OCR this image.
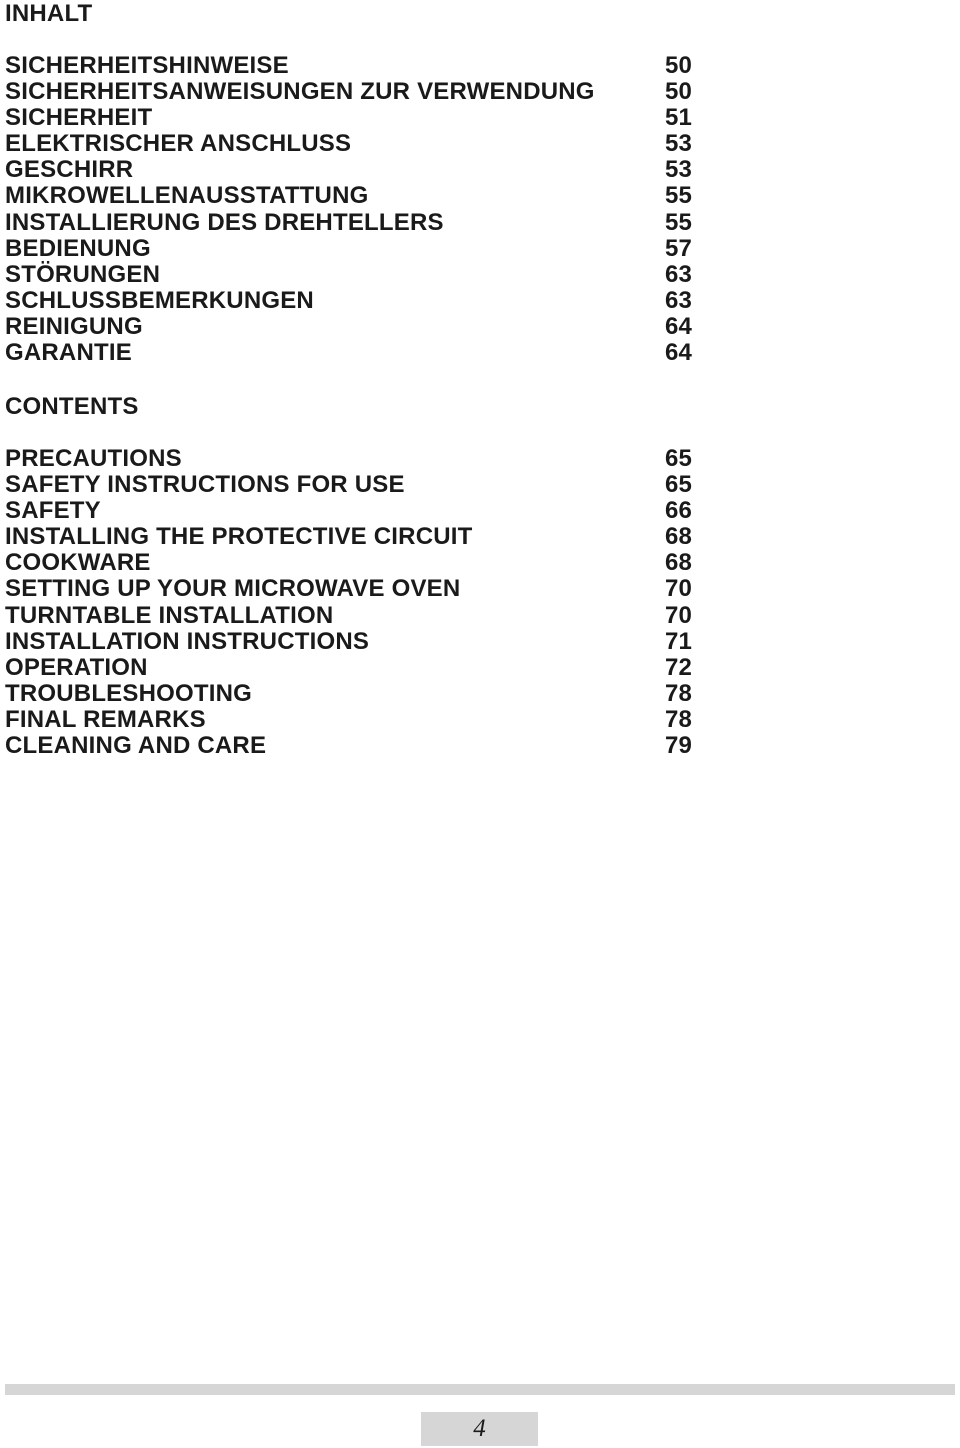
INHALT
SICHERHEITSHINWEISE	50
SICHERHEITSANWEISUNGEN ZUR VERWENDUNG	50
SICHERHEIT	51
ELEKTRISCHER ANSCHLUSS	53
GESCHIRR	53
MIKROWELLENAUSSTATTUNG	55
INSTALLIERUNG DES DREHTELLERS	55
BEDIENUNG	57
STÖRUNGEN	63
SCHLUSSBEMERKUNGEN	63
REINIGUNG	64
GARANTIE	64
CONTENTS
PRECAUTIONS	65
SAFETY INSTRUCTIONS FOR USE	65
SAFETY	66
INSTALLING THE PROTECTIVE CIRCUIT	68
COOKWARE	68
SETTING UP YOUR MICROWAVE OVEN	70
TURNTABLE INSTALLATION	70
INSTALLATION INSTRUCTIONS	71
OPERATION	72
TROUBLESHOOTING	78
FINAL REMARKS	78
CLEANING AND CARE	79
4
